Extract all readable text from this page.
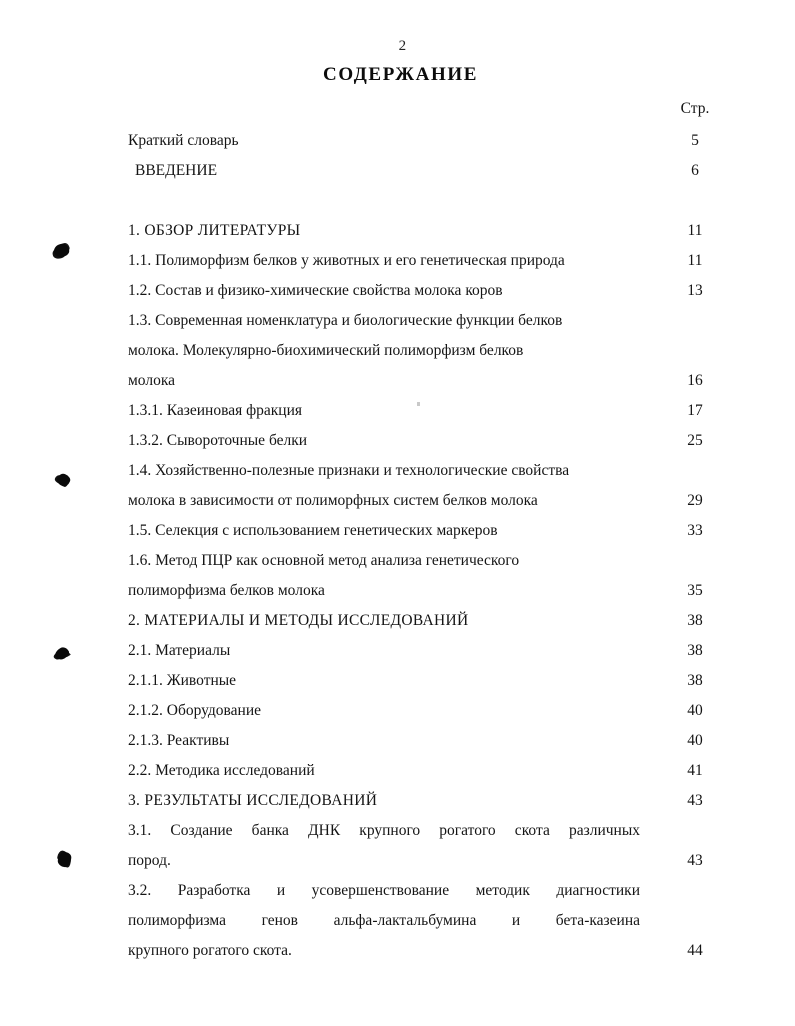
2
СОДЕРЖАНИЕ
Стр.
Краткий словарь	5
ВВЕДЕНИЕ	6
1. ОБЗОР ЛИТЕРАТУРЫ	11
1.1. Полиморфизм белков у животных и его генетическая природа	11
1.2. Состав и физико-химические свойства молока коров	13
1.3. Современная номенклатура и биологические функции белков
молока. Молекулярно-биохимический полиморфизм белков
молока	16
1.3.1. Казеиновая фракция	17
1.3.2. Сывороточные белки	25
1.4. Хозяйственно-полезные признаки и технологические свойства
молока в зависимости от полиморфных систем белков молока	29
1.5. Селекция с использованием генетических маркеров	33
1.6. Метод ПЦР как основной метод анализа генетического
полиморфизма белков молока	35
2. МАТЕРИАЛЫ И МЕТОДЫ ИССЛЕДОВАНИЙ	38
2.1. Материалы	38
2.1.1. Животные	38
2.1.2. Оборудование	40
2.1.3. Реактивы	40
2.2. Методика исследований	41
3. РЕЗУЛЬТАТЫ ИССЛЕДОВАНИЙ	43
3.1. Создание банка ДНК крупного рогатого скота различных
пород.	43
3.2. Разработка и усовершенствование методик диагностики
полиморфизма генов альфа-лактальбумина и бета-казеина
крупного рогатого скота.	44
